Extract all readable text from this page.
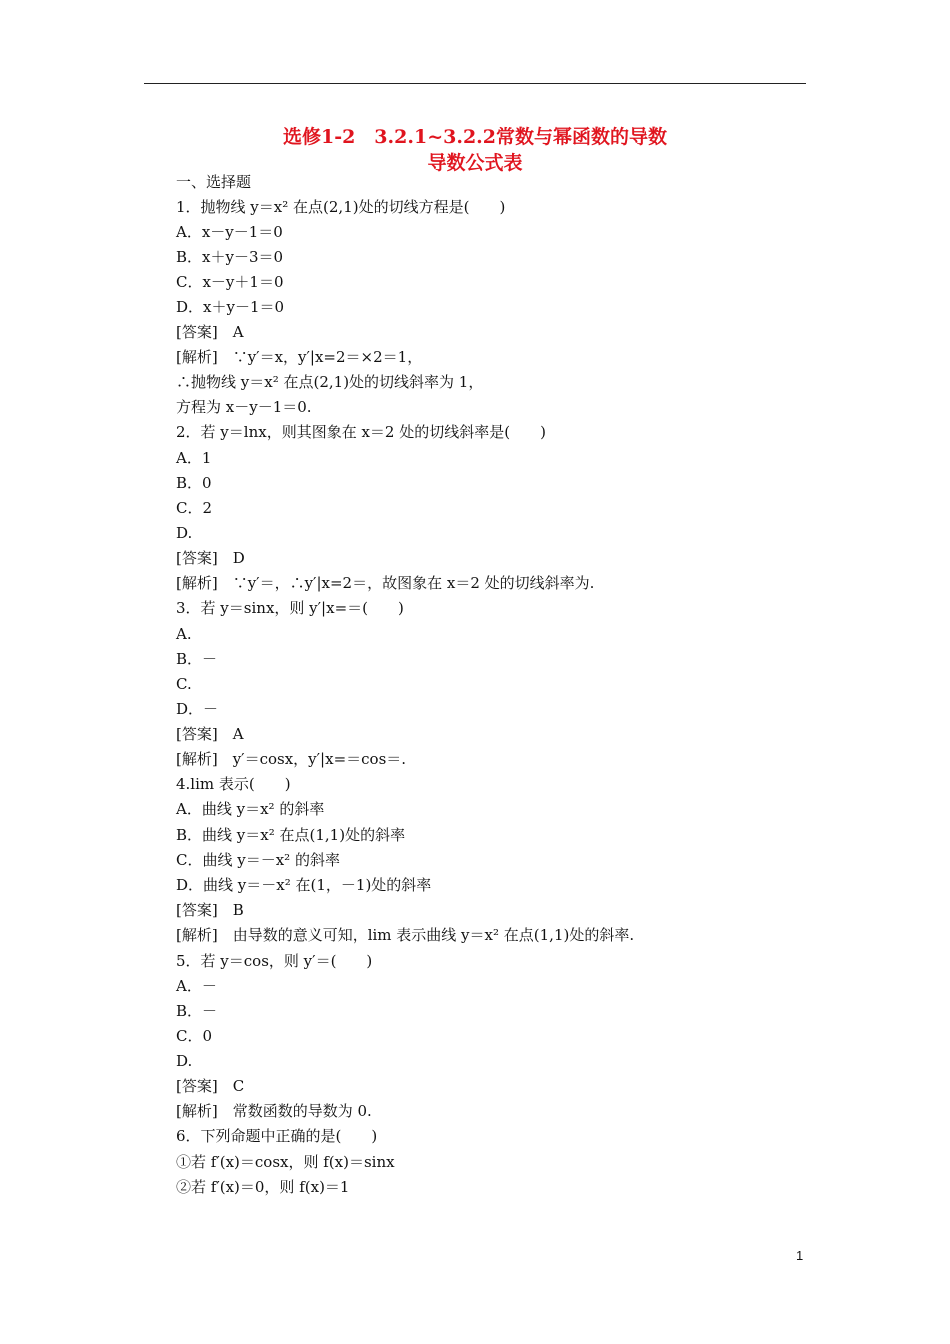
选修1-2　3.2.1~3.2.2常数与幂函数的导数
导数公式表
一、选择题
1．抛物线 y＝x² 在点(2,1)处的切线方程是(　　)
A．x－y－1＝0
B．x＋y－3＝0
C．x－y＋1＝0
D．x＋y－1＝0
[答案]　A
[解析]　∵y′＝x，y′|x=2＝×2＝1，
∴抛物线 y＝x² 在点(2,1)处的切线斜率为 1，
方程为 x－y－1＝0.
2．若 y＝lnx，则其图象在 x＝2 处的切线斜率是(　　)
A．1
B．0
C．2
D.
[答案]　D
[解析]　∵y′＝，∴y′|x=2＝，故图象在 x＝2 处的切线斜率为.
3．若 y＝sinx，则 y′|x=＝(　　)
A.
B．－
C.
D．－
[答案]　A
[解析]　y′＝cosx，y′|x=＝cos＝.
4.lim 表示(　　)
A．曲线 y＝x² 的斜率
B．曲线 y＝x² 在点(1,1)处的斜率
C．曲线 y＝－x² 的斜率
D．曲线 y＝－x² 在(1，－1)处的斜率
[答案]　B
[解析]　由导数的意义可知，lim 表示曲线 y＝x² 在点(1,1)处的斜率.
5．若 y＝cos，则 y′＝(　　)
A．－
B．－
C．0
D.
[答案]　C
[解析]　常数函数的导数为 0.
6．下列命题中正确的是(　　)
①若 f′(x)＝cosx，则 f(x)＝sinx
②若 f′(x)＝0，则 f(x)＝1
1
